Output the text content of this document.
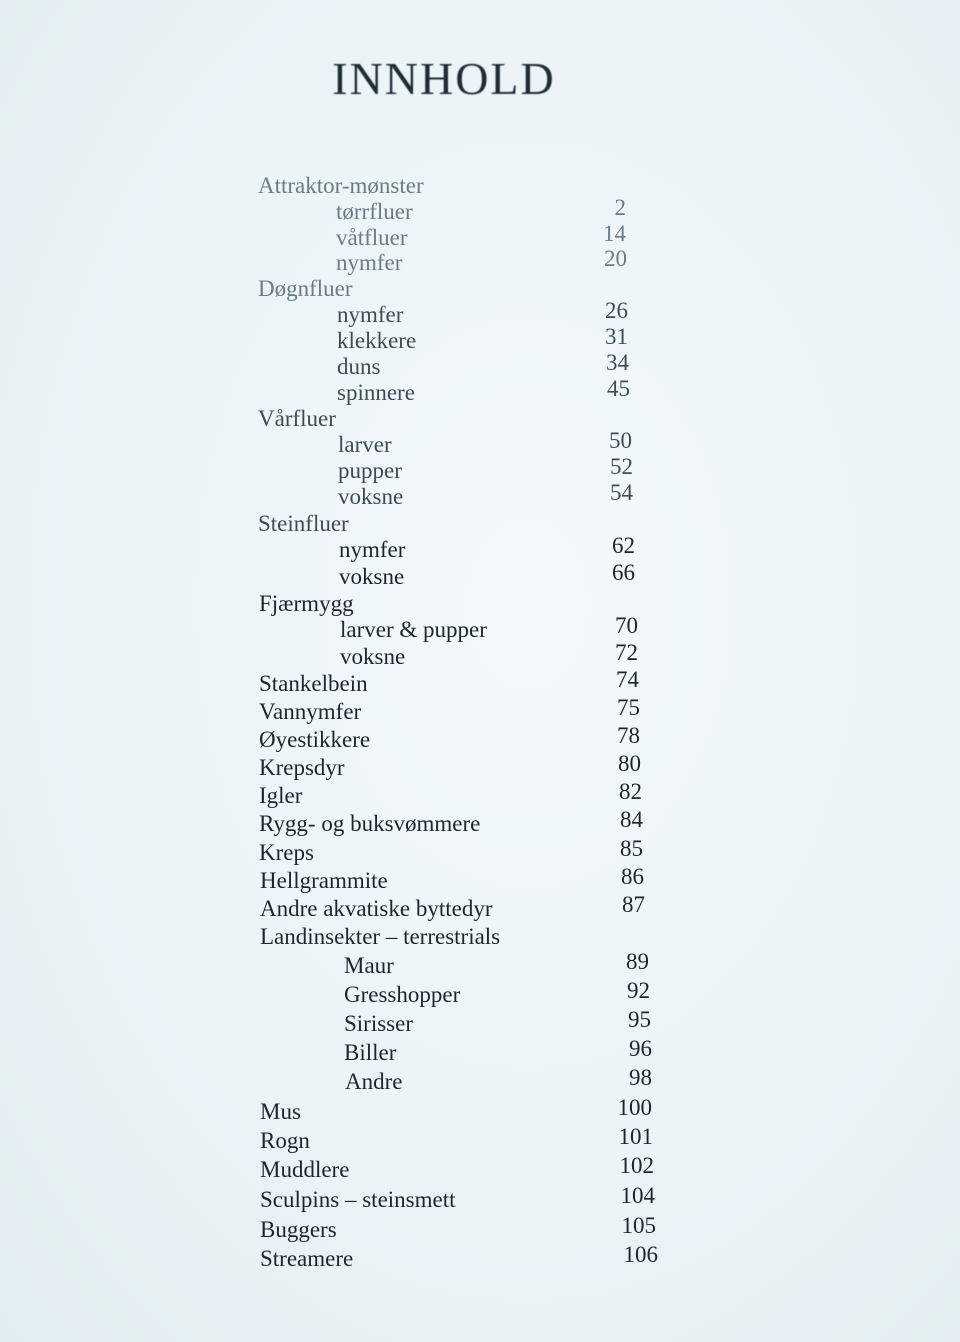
INNHOLD
Attraktor-mønster
tørrfluer	2
våtfluer	14
nymfer	20
Døgnfluer
nymfer	26
klekkere	31
duns	34
spinnere	45
Vårfluer
larver	50
pupper	52
voksne	54
Steinfluer
nymfer	62
voksne	66
Fjærmygg
larver & pupper	70
voksne	72
Stankelbein	74
Vannymfer	75
Øyestikkere	78
Krepsdyr	80
Igler	82
Rygg- og buksvømmere	84
Kreps	85
Hellgrammite	86
Andre akvatiske byttedyr	87
Landinsekter – terrestrials
Maur	89
Gresshopper	92
Sirisser	95
Biller	96
Andre	98
Mus	100
Rogn	101
Muddlere	102
Sculpins – steinsmett	104
Buggers	105
Streamere	106
